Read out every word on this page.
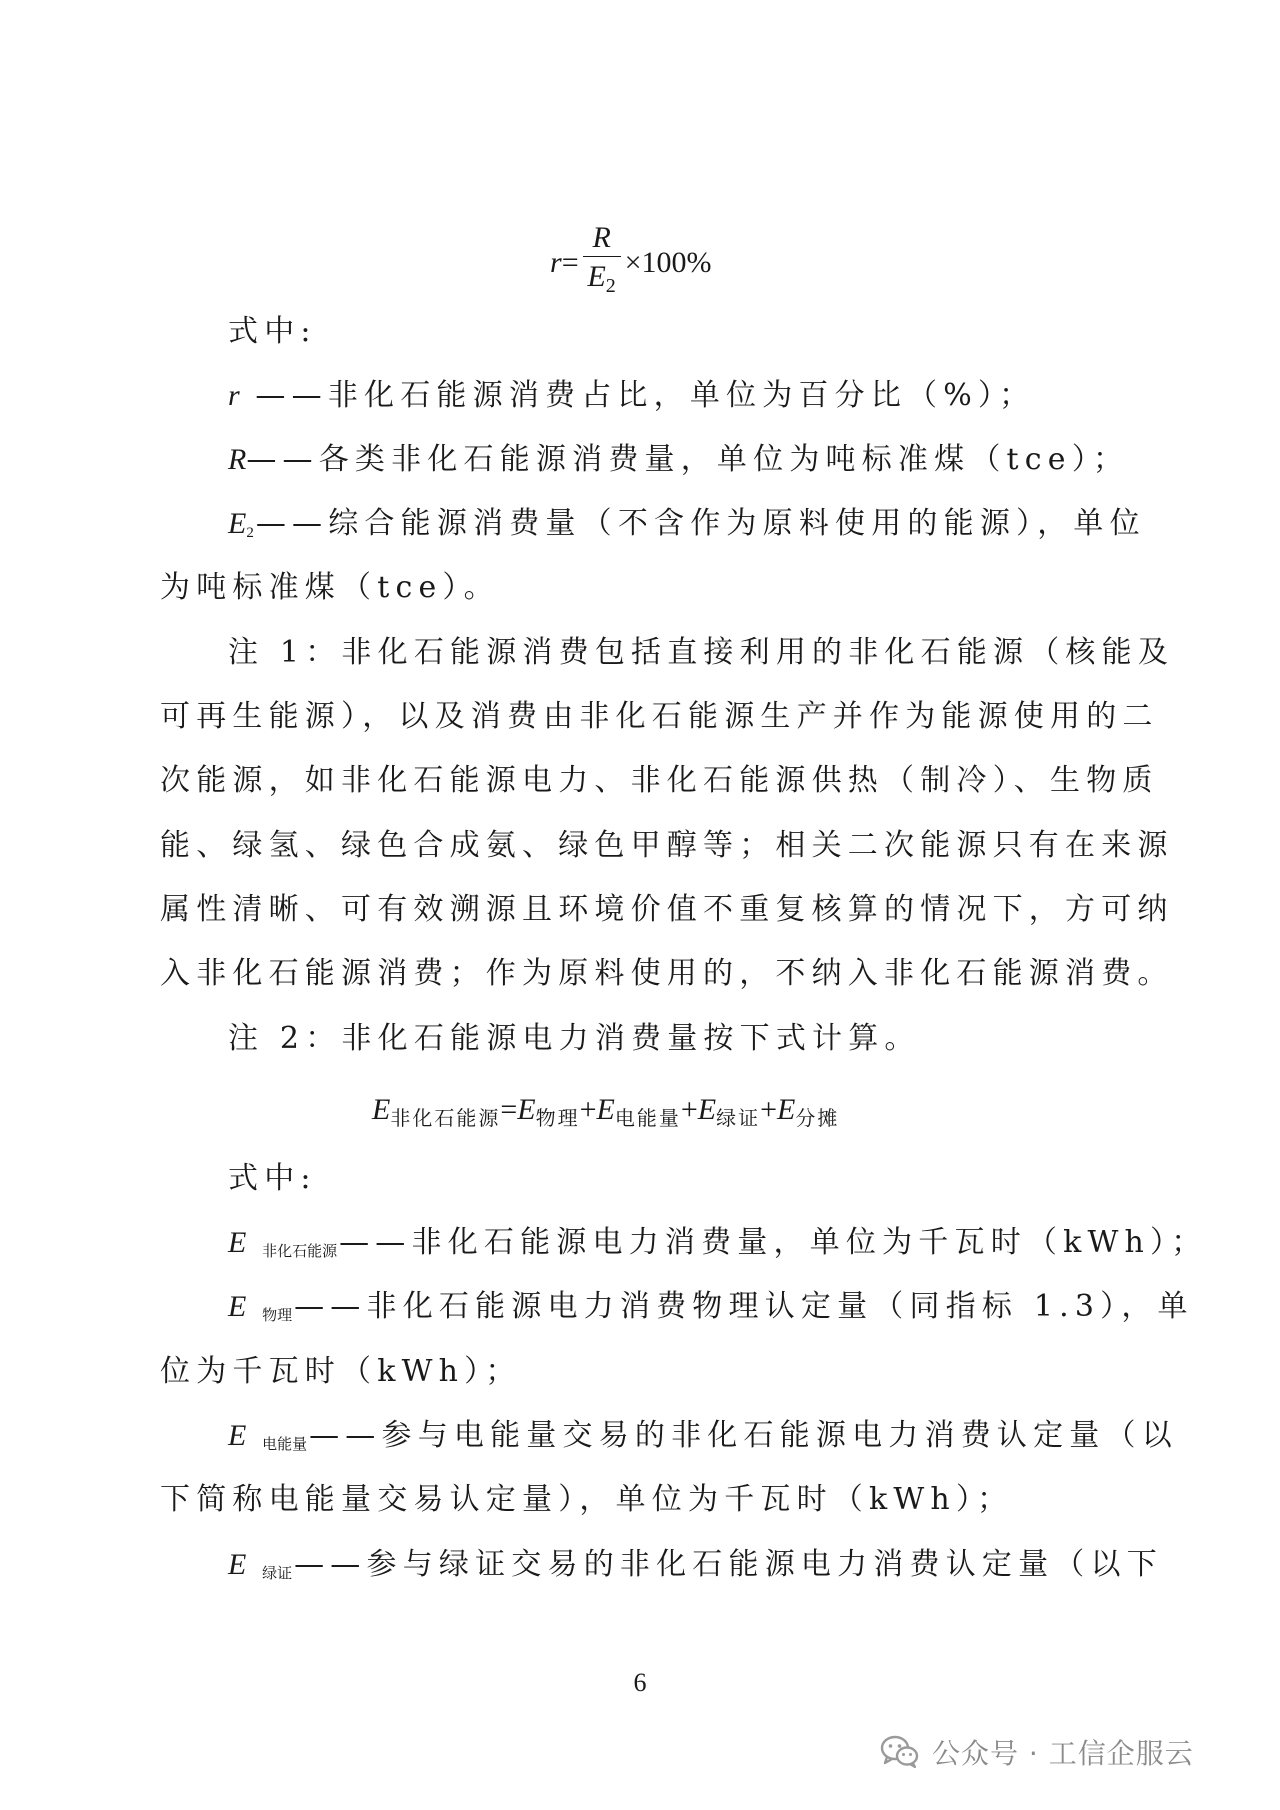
$r = \frac{R}{E_2} \times 100\%$
式中:
r ——非化石能源消费占比，单位为百分比（%）；
R——各类非化石能源消费量，单位为吨标准煤（tce）；
$E_2——$综合能源消费量（不含作为原料使用的能源），单位
为吨标准煤（tce）。
注 1：非化石能源消费包括直接利用的非化石能源（核能及
可再生能源），以及消费由非化石能源生产并作为能源使用的二
次能源，如非化石能源电力、非化石能源供热（制冷）、生物质
能、绿氢、绿色合成氨、绿色甲醇等；相关二次能源只有在来源
属性清晰、可有效溯源且环境价值不重复核算的情况下，方可纳
入非化石能源消费；作为原料使用的，不纳入非化石能源消费。
注 2：非化石能源电力消费量按下式计算。
$E_{非化石能源}=E_{物理}+E_{电能量}+E_{绿证}+E_{分摊}$
式中:
E $_{非化石能源}$——非化石能源电力消费量，单位为千瓦时（kWh）；
E $_{物理}$——非化石能源电力消费物理认定量（同指标 1.3），单
位为千瓦时（kWh）；
E $_{电能量}$——参与电能量交易的非化石能源电力消费认定量（以
下简称电能量交易认定量），单位为千瓦时（kWh）；
E $_{绿证}$——参与绿证交易的非化石能源电力消费认定量（以下
6
公众号 · 工信企服云
